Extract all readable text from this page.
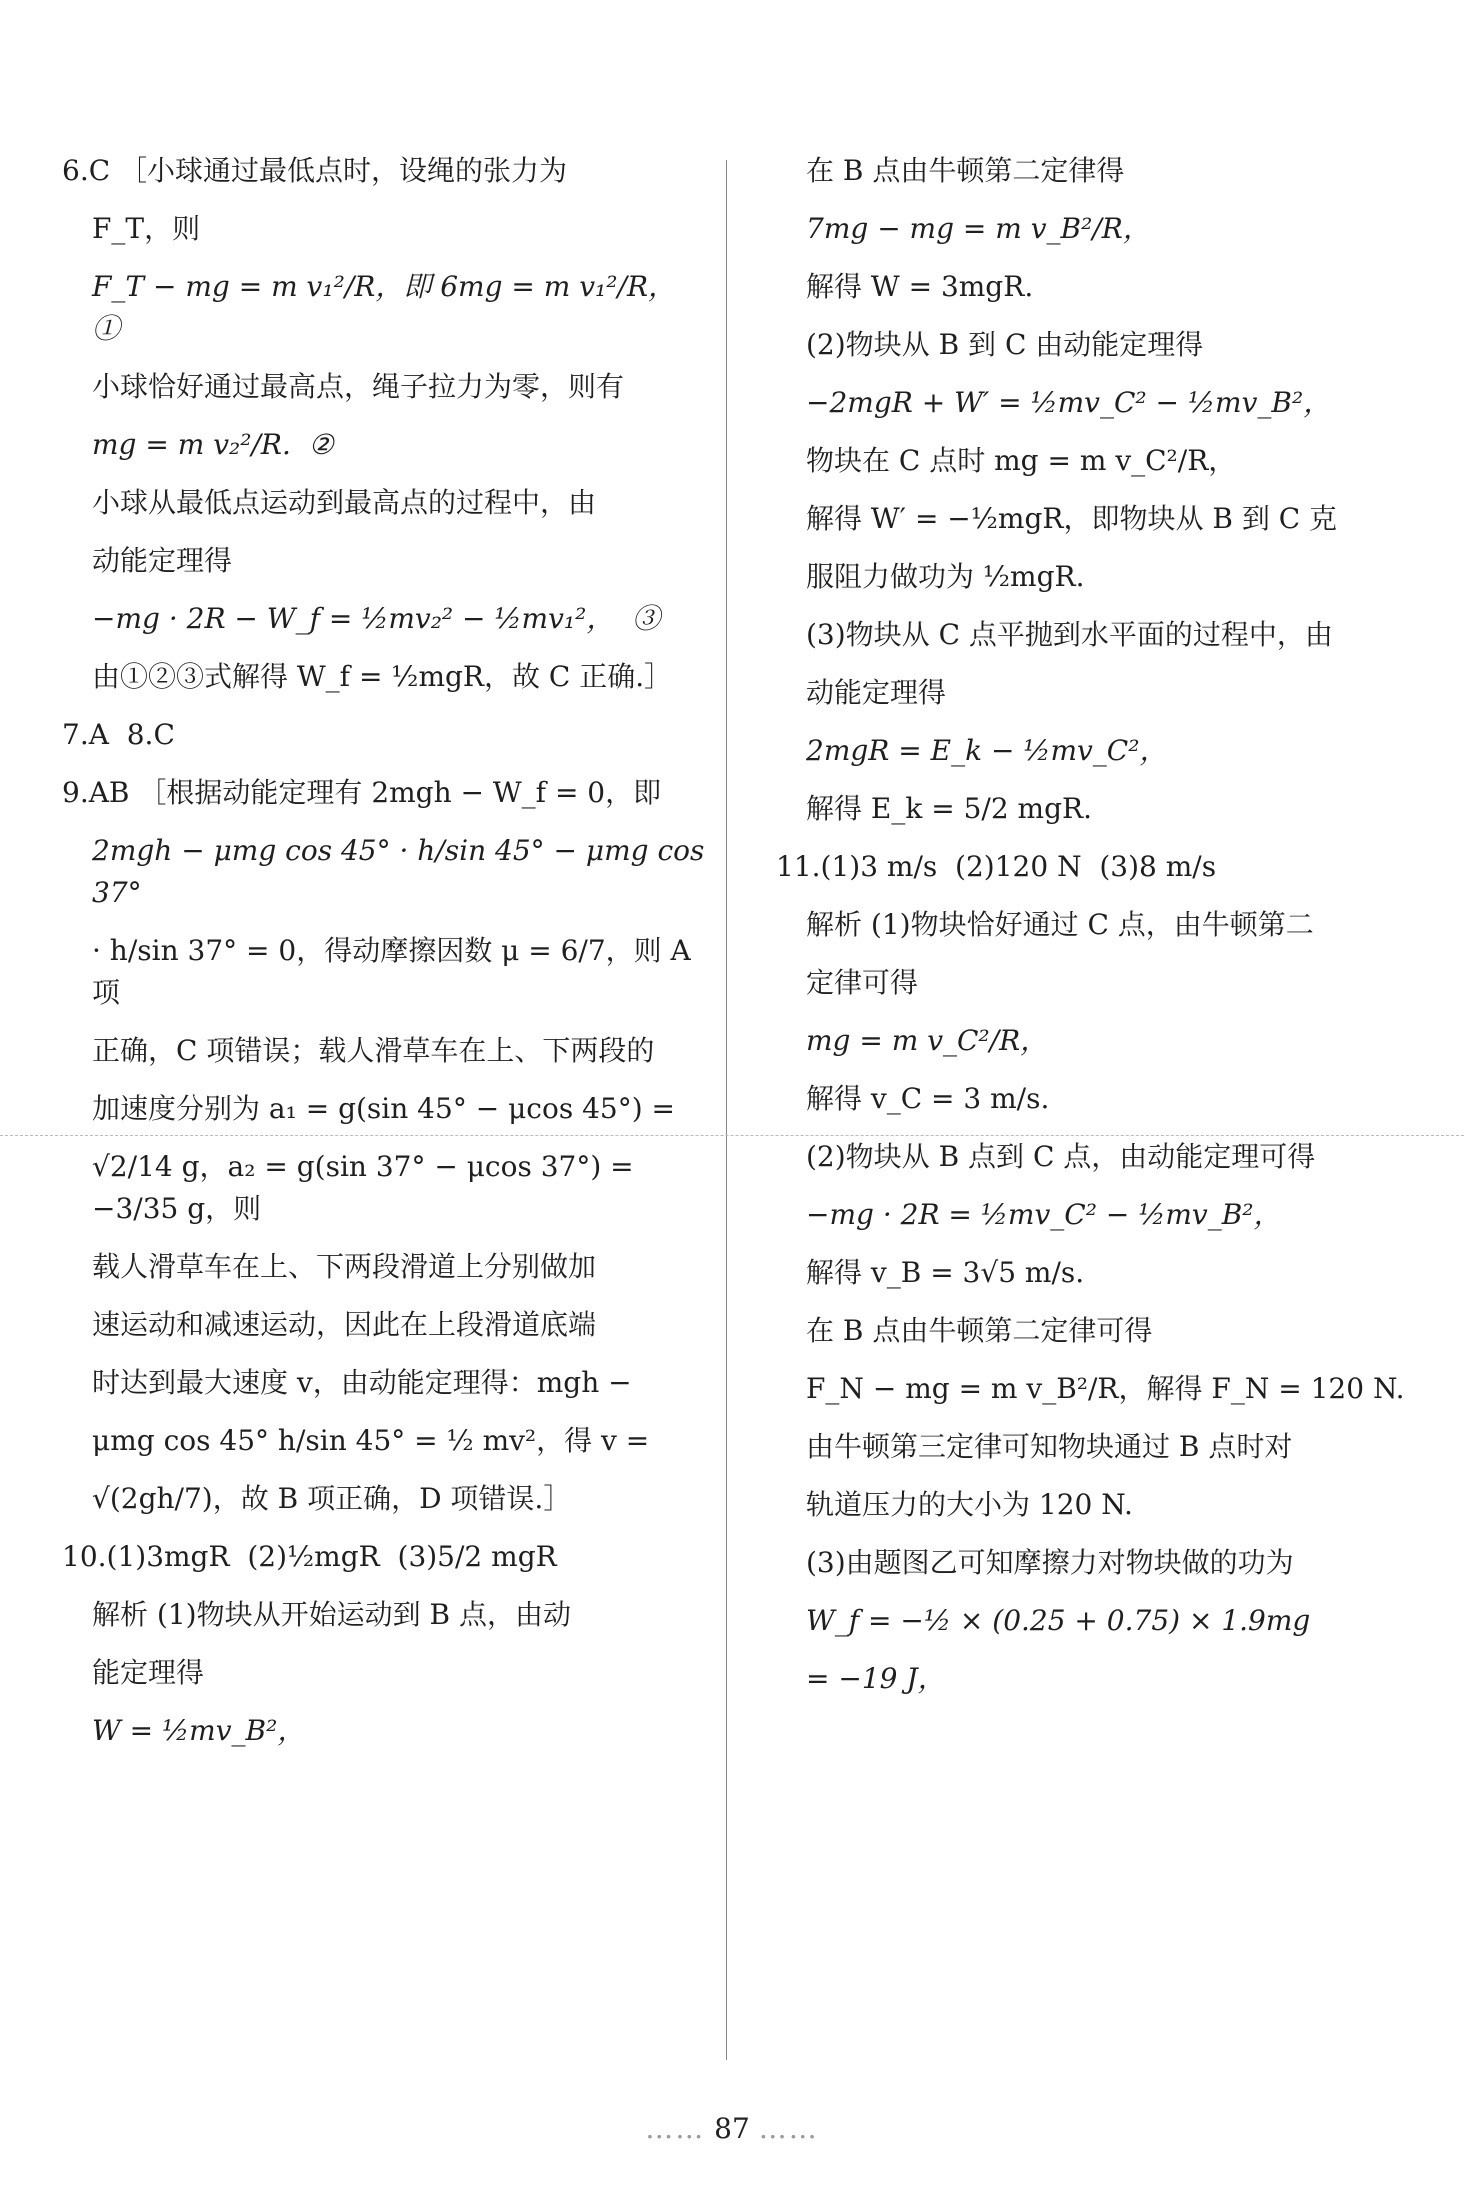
6.C ［小球通过最低点时，设绳的张力为

F_T，则

F_T − mg = m v₁²/R，即 6mg = m v₁²/R，  ①

小球恰好通过最高点，绳子拉力为零，则有

mg = m v₂²/R.  ②

小球从最低点运动到最高点的过程中，由

动能定理得

−mg · 2R − W_f = ½mv₂² − ½mv₁²，  ③

由①②③式解得 W_f = ½mgR，故 C 正确.］

7.A  8.C

9.AB ［根据动能定理有 2mgh − W_f = 0，即

2mgh − μmg cos 45° · h/sin 45° − μmg cos 37°

· h/sin 37° = 0，得动摩擦因数 μ = 6/7，则 A 项

正确，C 项错误；载人滑草车在上、下两段的

加速度分别为 a₁ = g(sin 45° − μcos 45°) =

√2/14 g，a₂ = g(sin 37° − μcos 37°) = −3/35 g，则

载人滑草车在上、下两段滑道上分别做加

速运动和减速运动，因此在上段滑道底端

时达到最大速度 v，由动能定理得：mgh −

μmg cos 45° h/sin 45° = ½ mv²，得 v =

√(2gh/7)，故 B 项正确，D 项错误.］

10.(1)3mgR  (2)½mgR  (3)5/2 mgR

解析 (1)物块从开始运动到 B 点，由动

能定理得

W = ½mv_B²，

在 B 点由牛顿第二定律得

7mg − mg = m v_B²/R，

解得 W = 3mgR.

(2)物块从 B 到 C 由动能定理得

−2mgR + W′ = ½mv_C² − ½mv_B²，

物块在 C 点时 mg = m v_C²/R，

解得 W′ = −½mgR，即物块从 B 到 C 克

服阻力做功为 ½mgR.

(3)物块从 C 点平抛到水平面的过程中，由

动能定理得

2mgR = E_k − ½mv_C²，

解得 E_k = 5/2 mgR.

11.(1)3 m/s  (2)120 N  (3)8 m/s

解析 (1)物块恰好通过 C 点，由牛顿第二

定律可得

mg = m v_C²/R，

解得 v_C = 3 m/s.

(2)物块从 B 点到 C 点，由动能定理可得

−mg · 2R = ½mv_C² − ½mv_B²，

解得 v_B = 3√5 m/s.

在 B 点由牛顿第二定律可得

F_N − mg = m v_B²/R，解得 F_N = 120 N.

由牛顿第三定律可知物块通过 B 点时对

轨道压力的大小为 120 N.

(3)由题图乙可知摩擦力对物块做的功为

W_f = −½ × (0.25 + 0.75) × 1.9mg

= −19 J，

…… 87 ……
